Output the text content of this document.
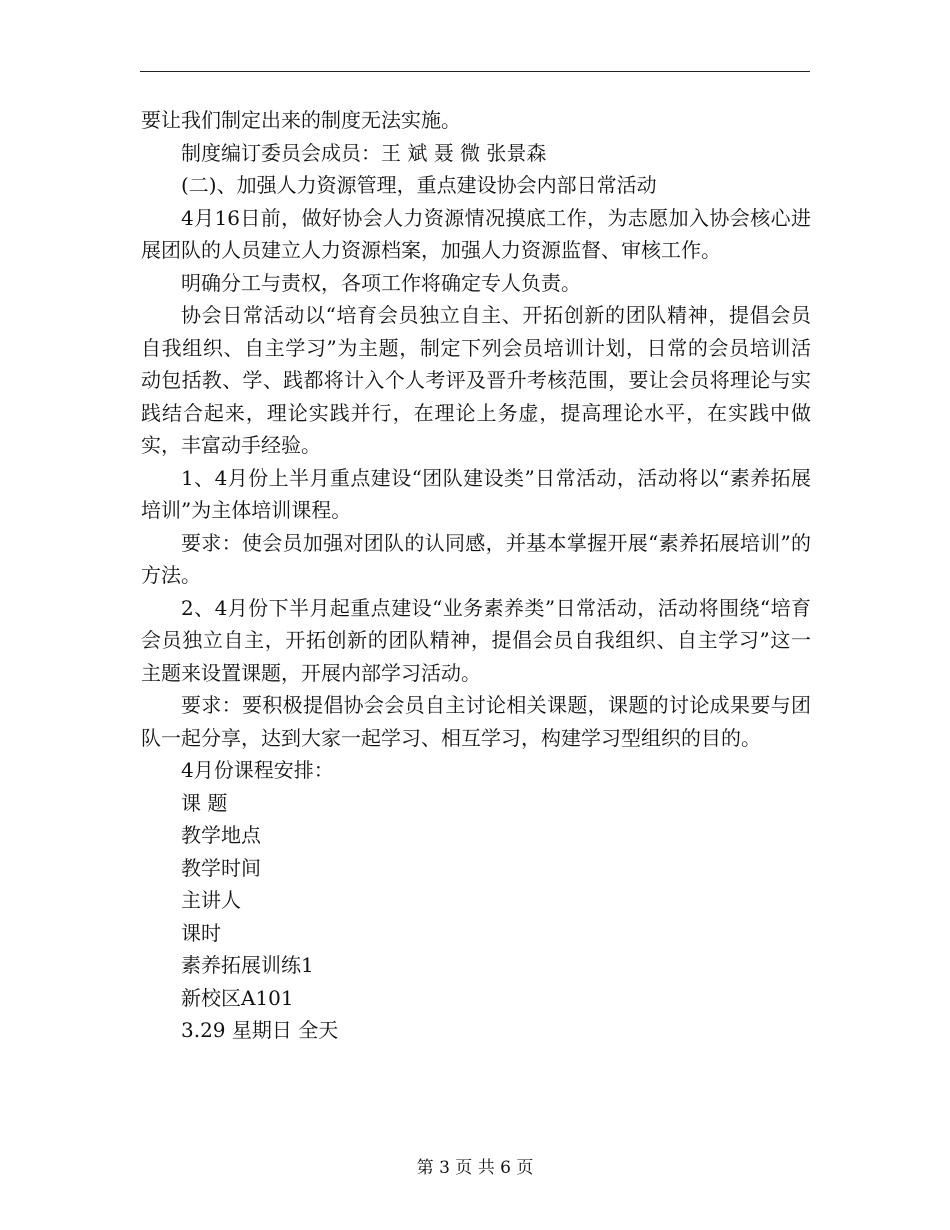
要让我们制定出来的制度无法实施。

制度编订委员会成员：王 斌 聂 微 张景森

(二)、加强人力资源管理，重点建设协会内部日常活动

4月16日前，做好协会人力资源情况摸底工作，为志愿加入协会核心进展团队的人员建立人力资源档案，加强人力资源监督、审核工作。

明确分工与责权，各项工作将确定专人负责。

协会日常活动以“培育会员独立自主、开拓创新的团队精神，提倡会员自我组织、自主学习”为主题，制定下列会员培训计划，日常的会员培训活动包括教、学、践都将计入个人考评及晋升考核范围，要让会员将理论与实践结合起来，理论实践并行，在理论上务虚，提高理论水平，在实践中做实，丰富动手经验。

1、4月份上半月重点建设“团队建设类”日常活动，活动将以“素养拓展培训”为主体培训课程。

要求：使会员加强对团队的认同感，并基本掌握开展“素养拓展培训”的方法。

2、4月份下半月起重点建设“业务素养类”日常活动，活动将围绕“培育会员独立自主，开拓创新的团队精神，提倡会员自我组织、自主学习”这一主题来设置课题，开展内部学习活动。

要求：要积极提倡协会会员自主讨论相关课题，课题的讨论成果要与团队一起分享，达到大家一起学习、相互学习，构建学习型组织的目的。

4月份课程安排：

课 题

教学地点

教学时间

主讲人

课时

素养拓展训练1

新校区A101

3.29 星期日 全天

第 3 页 共 6 页
